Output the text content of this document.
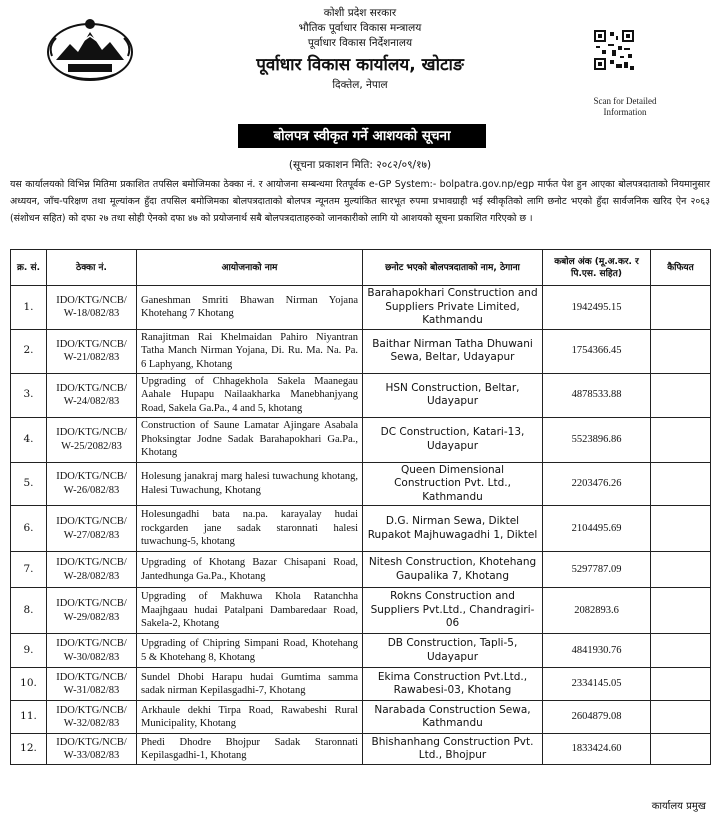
कोशी प्रदेश सरकार
भौतिक पूर्वाधार विकास मन्त्रालय
पूर्वाधार विकास निर्देशनालय
पूर्वाधार विकास कार्यालय, खोटाङ
दिक्तेल, नेपाल
Scan for Detailed Information
बोलपत्र स्वीकृत गर्ने आशयको सूचना
(सूचना प्रकाशन मिति: २०८२/०९/१७)
यस कार्यालयको विभिन्न मितिमा प्रकाशित तपसिल बमोजिमका ठेक्का नं. र आयोजना सम्बन्धमा रितपूर्वक e-GP System:- bolpatra.gov.np/egp मार्फत पेश हुन आएका बोलपत्रदाताको नियमानुसार अध्ययन, जाँच-परिक्षण तथा मूल्यांकन हुँदा तपसिल बमोजिमका बोलपत्रदाताको बोलपत्र न्यूनतम मुल्यांकित सारभूत रुपमा प्रभावग्राही भई स्वीकृतिको लागि छनोट भएको हुँदा सार्वजनिक खरिद ऐन २०६३ (संशोधन सहित) को दफा २७ तथा सोही ऐनको दफा ४७ को प्रयोजनार्थ सबै बोलपत्रदाताहरुको जानकारीको लागि यो आशयको सूचना प्रकाशित गरिएको छ ।
क्र. सं.	ठेक्का नं.	आयोजनाको नाम	छनोट भएको बोलपत्रदाताको नाम, ठेगाना	कबोल अंक (मू.अ.कर. र पि.एस. सहित)	कैफियत
1.	IDO/KTG/NCB/ W-18/082/83	Ganeshman Smriti Bhawan Nirman Yojana Khotehang 7 Khotang	Barahapokhari Construction and Suppliers Private Limited, Kathmandu	1942495.15	
2.	IDO/KTG/NCB/ W-21/082/83	Ranajitman Rai Khelmaidan Pahiro Niyantran Tatha Manch Nirman Yojana, Di. Ru. Ma. Na. Pa. 6 Laphyang, Khotang	Baithar Nirman Tatha Dhuwani Sewa, Beltar, Udayapur	1754366.45	
3.	IDO/KTG/NCB/ W-24/082/83	Upgrading of Chhagekhola Sakela Maanegau Aahale Hupapu Nailaakharka Manebhanjyang Road, Sakela Ga.Pa., 4 and 5, khotang	HSN Construction, Beltar, Udayapur	4878533.88	
4.	IDO/KTG/NCB/ W-25/2082/83	Construction of Saune Lamatar Ajingare Asabala Phoksingtar Jodne Sadak Barahapokhari Ga.Pa., Khotang	DC Construction, Katari-13, Udayapur	5523896.86	
5.	IDO/KTG/NCB/ W-26/082/83	Holesung janakraj marg halesi tuwachung khotang, Halesi Tuwachung, Khotang	Queen Dimensional Construction Pvt. Ltd., Kathmandu	2203476.26	
6.	IDO/KTG/NCB/ W-27/082/83	Holesungadhi bata na.pa. karayalay hudai rockgarden jane sadak staronnati halesi tuwachung-5, khotang	D.G. Nirman Sewa, Diktel Rupakot Majhuwagadhi 1, Diktel	2104495.69	
7.	IDO/KTG/NCB/ W-28/082/83	Upgrading of Khotang Bazar Chisapani Road, Jantedhunga Ga.Pa., Khotang	Nitesh Construction, Khotehang Gaupalika 7, Khotang	5297787.09	
8.	IDO/KTG/NCB/ W-29/082/83	Upgrading of Makhuwa Khola Ratanchha Maajhgaau hudai Patalpani Dambaredaar Road, Sakela-2, Khotang	Rokns Construction and Suppliers Pvt.Ltd., Chandragiri-06	2082893.6	
9.	IDO/KTG/NCB/ W-30/082/83	Upgrading of Chipring Simpani Road, Khotehang 5 & Khotehang 8, Khotang	DB Construction, Tapli-5, Udayapur	4841930.76	
10.	IDO/KTG/NCB/ W-31/082/83	Sundel Dhobi Harapu hudai Gumtima samma sadak nirman Kepilasgadhi-7, Khotang	Ekima Construction Pvt.Ltd., Rawabesi-03, Khotang	2334145.05	
11.	IDO/KTG/NCB/ W-32/082/83	Arkhaule dekhi Tirpa Road, Rawabeshi Rural Municipality, Khotang	Narabada Construction Sewa, Kathmandu	2604879.08	
12.	IDO/KTG/NCB/ W-33/082/83	Phedi Dhodre Bhojpur Sadak Staronnati Kepilasgadhi-1, Khotang	Bhishanhang Construction Pvt. Ltd., Bhojpur	1833424.60	
कार्यालय प्रमुख
